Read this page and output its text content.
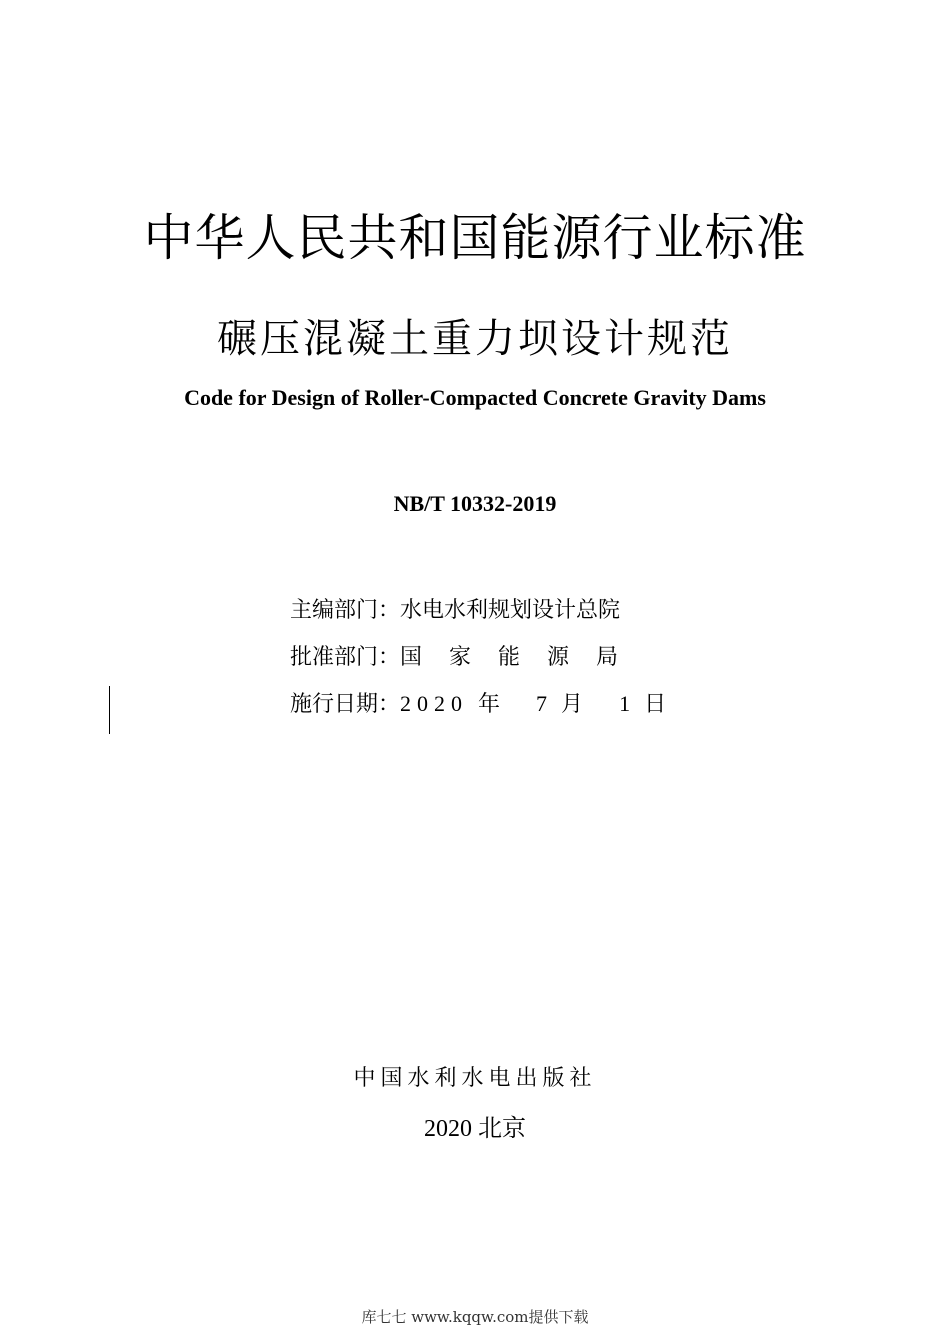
中华人民共和国能源行业标准
碾压混凝土重力坝设计规范
Code for Design of Roller-Compacted Concrete Gravity Dams
NB/T 10332-2019
主编部门：水电水利规划设计总院
批准部门：国家能源局
施行日期：2020 年 7 月 1 日
中国水利水电出版社
2020 北京
库七七 www.kqqw.com提供下载
